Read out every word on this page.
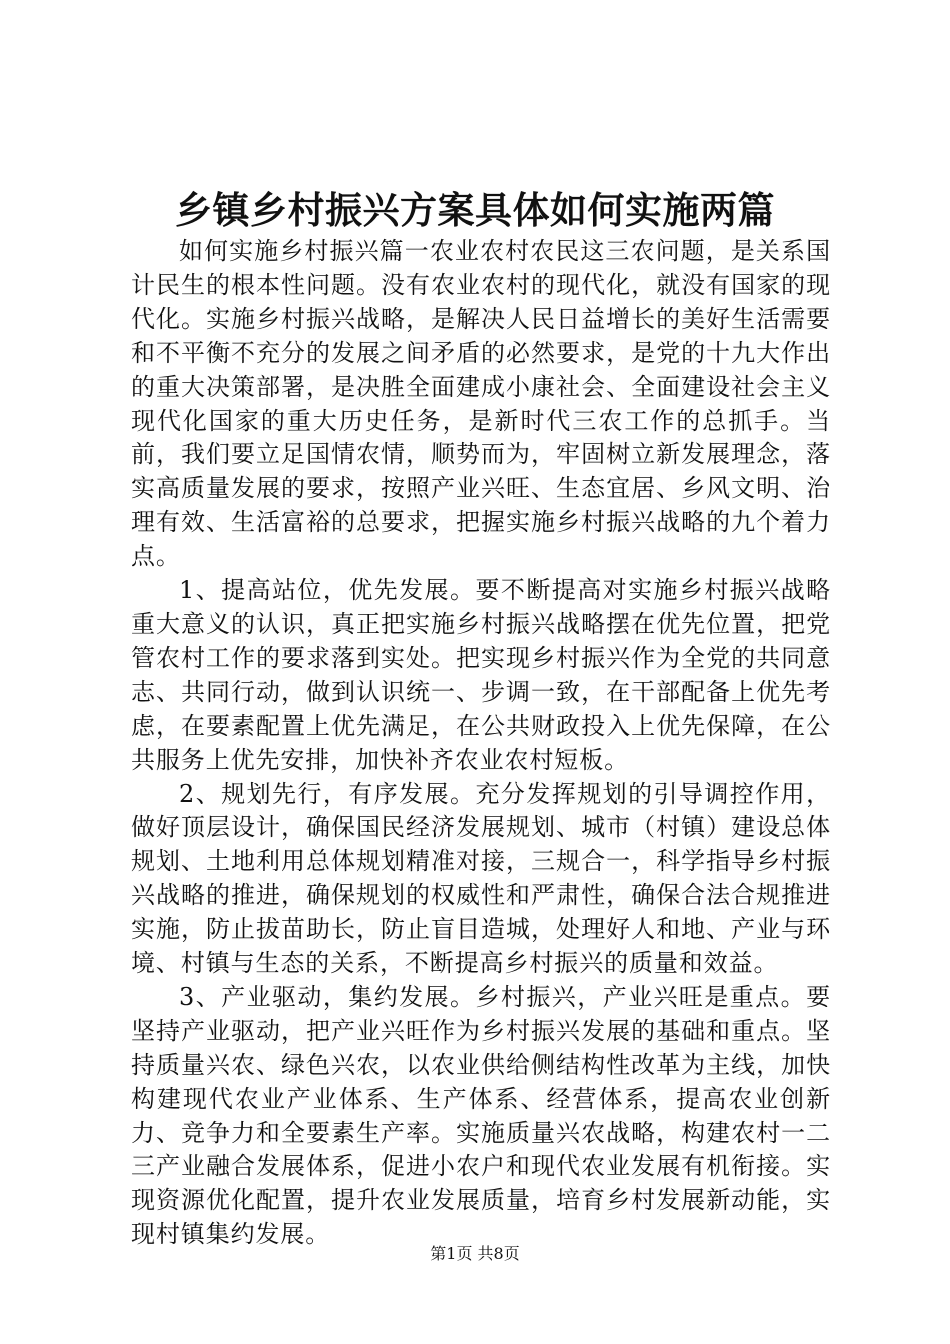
乡镇乡村振兴方案具体如何实施两篇

如何实施乡村振兴篇一农业农村农民这三农问题，是关系国计民生的根本性问题。没有农业农村的现代化，就没有国家的现代化。实施乡村振兴战略，是解决人民日益增长的美好生活需要和不平衡不充分的发展之间矛盾的必然要求，是党的十九大作出的重大决策部署，是决胜全面建成小康社会、全面建设社会主义现代化国家的重大历史任务，是新时代三农工作的总抓手。当前，我们要立足国情农情，顺势而为，牢固树立新发展理念，落实高质量发展的要求，按照产业兴旺、生态宜居、乡风文明、治理有效、生活富裕的总要求，把握实施乡村振兴战略的九个着力点。

1、提高站位，优先发展。要不断提高对实施乡村振兴战略重大意义的认识，真正把实施乡村振兴战略摆在优先位置，把党管农村工作的要求落到实处。把实现乡村振兴作为全党的共同意志、共同行动，做到认识统一、步调一致，在干部配备上优先考虑，在要素配置上优先满足，在公共财政投入上优先保障，在公共服务上优先安排，加快补齐农业农村短板。

2、规划先行，有序发展。充分发挥规划的引导调控作用，做好顶层设计，确保国民经济发展规划、城市（村镇）建设总体规划、土地利用总体规划精准对接，三规合一，科学指导乡村振兴战略的推进，确保规划的权威性和严肃性，确保合法合规推进实施，防止拔苗助长，防止盲目造城，处理好人和地、产业与环境、村镇与生态的关系，不断提高乡村振兴的质量和效益。

3、产业驱动，集约发展。乡村振兴，产业兴旺是重点。要坚持产业驱动，把产业兴旺作为乡村振兴发展的基础和重点。坚持质量兴农、绿色兴农，以农业供给侧结构性改革为主线，加快构建现代农业产业体系、生产体系、经营体系，提高农业创新力、竞争力和全要素生产率。实施质量兴农战略，构建农村一二三产业融合发展体系，促进小农户和现代农业发展有机衔接。实现资源优化配置，提升农业发展质量，培育乡村发展新动能，实现村镇集约发展。

第1页 共8页
